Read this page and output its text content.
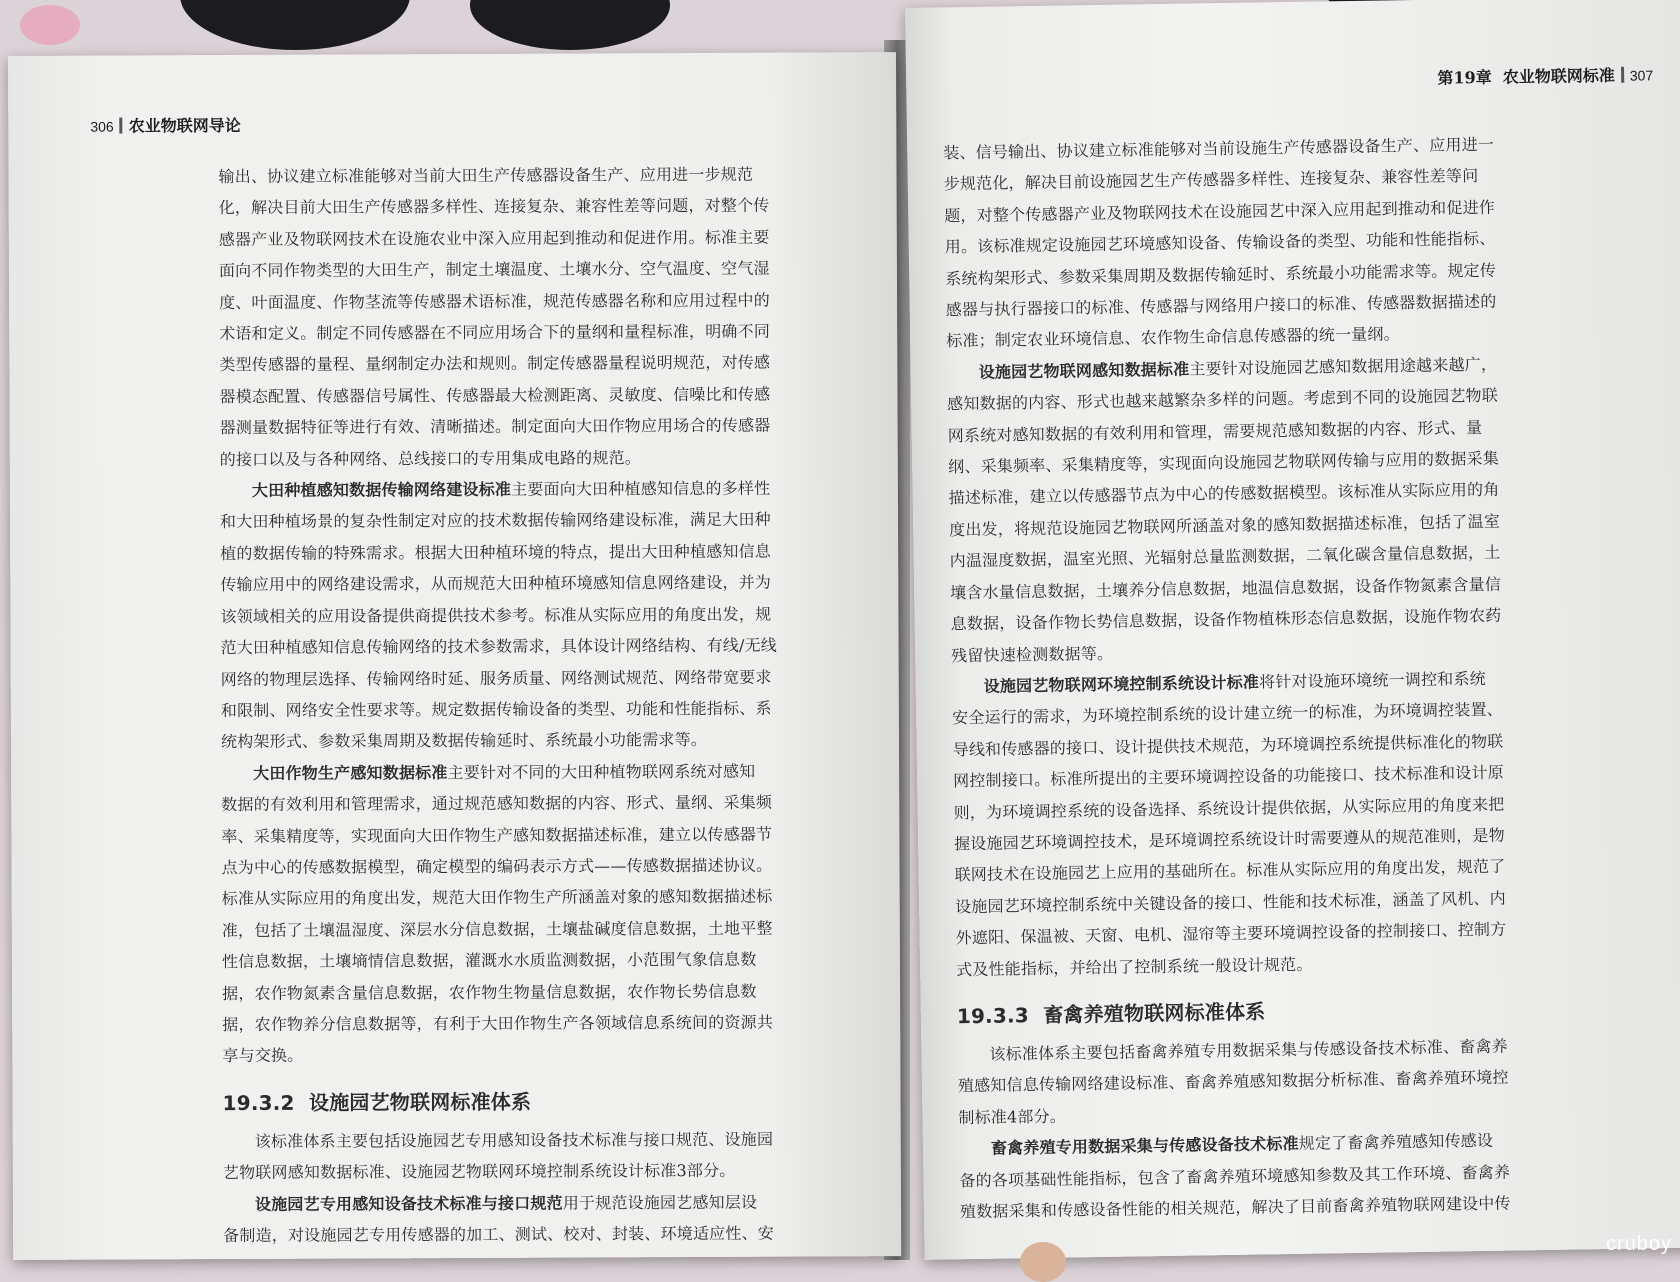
306 农业物联网导论
输出、协议建立标准能够对当前大田生产传感器设备生产、应用进一步规范
化，解决目前大田生产传感器多样性、连接复杂、兼容性差等问题，对整个传
感器产业及物联网技术在设施农业中深入应用起到推动和促进作用。标准主要
面向不同作物类型的大田生产，制定土壤温度、土壤水分、空气温度、空气湿
度、叶面温度、作物茎流等传感器术语标准，规范传感器名称和应用过程中的
术语和定义。制定不同传感器在不同应用场合下的量纲和量程标准，明确不同
类型传感器的量程、量纲制定办法和规则。制定传感器量程说明规范，对传感
器模态配置、传感器信号属性、传感器最大检测距离、灵敏度、信噪比和传感
器测量数据特征等进行有效、清晰描述。制定面向大田作物应用场合的传感器
的接口以及与各种网络、总线接口的专用集成电路的规范。
大田种植感知数据传输网络建设标准主要面向大田种植感知信息的多样性
和大田种植场景的复杂性制定对应的技术数据传输网络建设标准，满足大田种
植的数据传输的特殊需求。根据大田种植环境的特点，提出大田种植感知信息
传输应用中的网络建设需求，从而规范大田种植环境感知信息网络建设，并为
该领域相关的应用设备提供商提供技术参考。标准从实际应用的角度出发，规
范大田种植感知信息传输网络的技术参数需求，具体设计网络结构、有线/无线
网络的物理层选择、传输网络时延、服务质量、网络测试规范、网络带宽要求
和限制、网络安全性要求等。规定数据传输设备的类型、功能和性能指标、系
统构架形式、参数采集周期及数据传输延时、系统最小功能需求等。
大田作物生产感知数据标准主要针对不同的大田种植物联网系统对感知
数据的有效利用和管理需求，通过规范感知数据的内容、形式、量纲、采集频
率、采集精度等，实现面向大田作物生产感知数据描述标准，建立以传感器节
点为中心的传感数据模型，确定模型的编码表示方式——传感数据描述协议。
标准从实际应用的角度出发，规范大田作物生产所涵盖对象的感知数据描述标
准，包括了土壤温湿度、深层水分信息数据，土壤盐碱度信息数据，土地平整
性信息数据，土壤墒情信息数据，灌溉水水质监测数据，小范围气象信息数
据，农作物氮素含量信息数据，农作物生物量信息数据，农作物长势信息数
据，农作物养分信息数据等，有利于大田作物生产各领域信息系统间的资源共
享与交换。
19.3.2 设施园艺物联网标准体系
该标准体系主要包括设施园艺专用感知设备技术标准与接口规范、设施园
艺物联网感知数据标准、设施园艺物联网环境控制系统设计标准3部分。
设施园艺专用感知设备技术标准与接口规范用于规范设施园艺感知层设
备制造，对设施园艺专用传感器的加工、测试、校对、封装、环境适应性、安
第19章 农业物联网标准 307
装、信号输出、协议建立标准能够对当前设施生产传感器设备生产、应用进一
步规范化，解决目前设施园艺生产传感器多样性、连接复杂、兼容性差等问
题，对整个传感器产业及物联网技术在设施园艺中深入应用起到推动和促进作
用。该标准规定设施园艺环境感知设备、传输设备的类型、功能和性能指标、
系统构架形式、参数采集周期及数据传输延时、系统最小功能需求等。规定传
感器与执行器接口的标准、传感器与网络用户接口的标准、传感器数据描述的
标准；制定农业环境信息、农作物生命信息传感器的统一量纲。
设施园艺物联网感知数据标准主要针对设施园艺感知数据用途越来越广，
感知数据的内容、形式也越来越繁杂多样的问题。考虑到不同的设施园艺物联
网系统对感知数据的有效利用和管理，需要规范感知数据的内容、形式、量
纲、采集频率、采集精度等，实现面向设施园艺物联网传输与应用的数据采集
描述标准，建立以传感器节点为中心的传感数据模型。该标准从实际应用的角
度出发，将规范设施园艺物联网所涵盖对象的感知数据描述标准，包括了温室
内温湿度数据，温室光照、光辐射总量监测数据，二氧化碳含量信息数据，土
壤含水量信息数据，土壤养分信息数据，地温信息数据，设备作物氮素含量信
息数据，设备作物长势信息数据，设备作物植株形态信息数据，设施作物农药
残留快速检测数据等。
设施园艺物联网环境控制系统设计标准将针对设施环境统一调控和系统
安全运行的需求，为环境控制系统的设计建立统一的标准，为环境调控装置、
导线和传感器的接口、设计提供技术规范，为环境调控系统提供标准化的物联
网控制接口。标准所提出的主要环境调控设备的功能接口、技术标准和设计原
则，为环境调控系统的设备选择、系统设计提供依据，从实际应用的角度来把
握设施园艺环境调控技术，是环境调控系统设计时需要遵从的规范准则，是物
联网技术在设施园艺上应用的基础所在。标准从实际应用的角度出发，规范了
设施园艺环境控制系统中关键设备的接口、性能和技术标准，涵盖了风机、内
外遮阳、保温被、天窗、电机、湿帘等主要环境调控设备的控制接口、控制方
式及性能指标，并给出了控制系统一般设计规范。
19.3.3 畜禽养殖物联网标准体系
该标准体系主要包括畜禽养殖专用数据采集与传感设备技术标准、畜禽养
殖感知信息传输网络建设标准、畜禽养殖感知数据分析标准、畜禽养殖环境控
制标准4部分。
畜禽养殖专用数据采集与传感设备技术标准规定了畜禽养殖感知传感设
备的各项基础性能指标，包含了畜禽养殖环境感知参数及其工作环境、畜禽养
殖数据采集和传感设备性能的相关规范，解决了目前畜禽养殖物联网建设中传
cruboy
